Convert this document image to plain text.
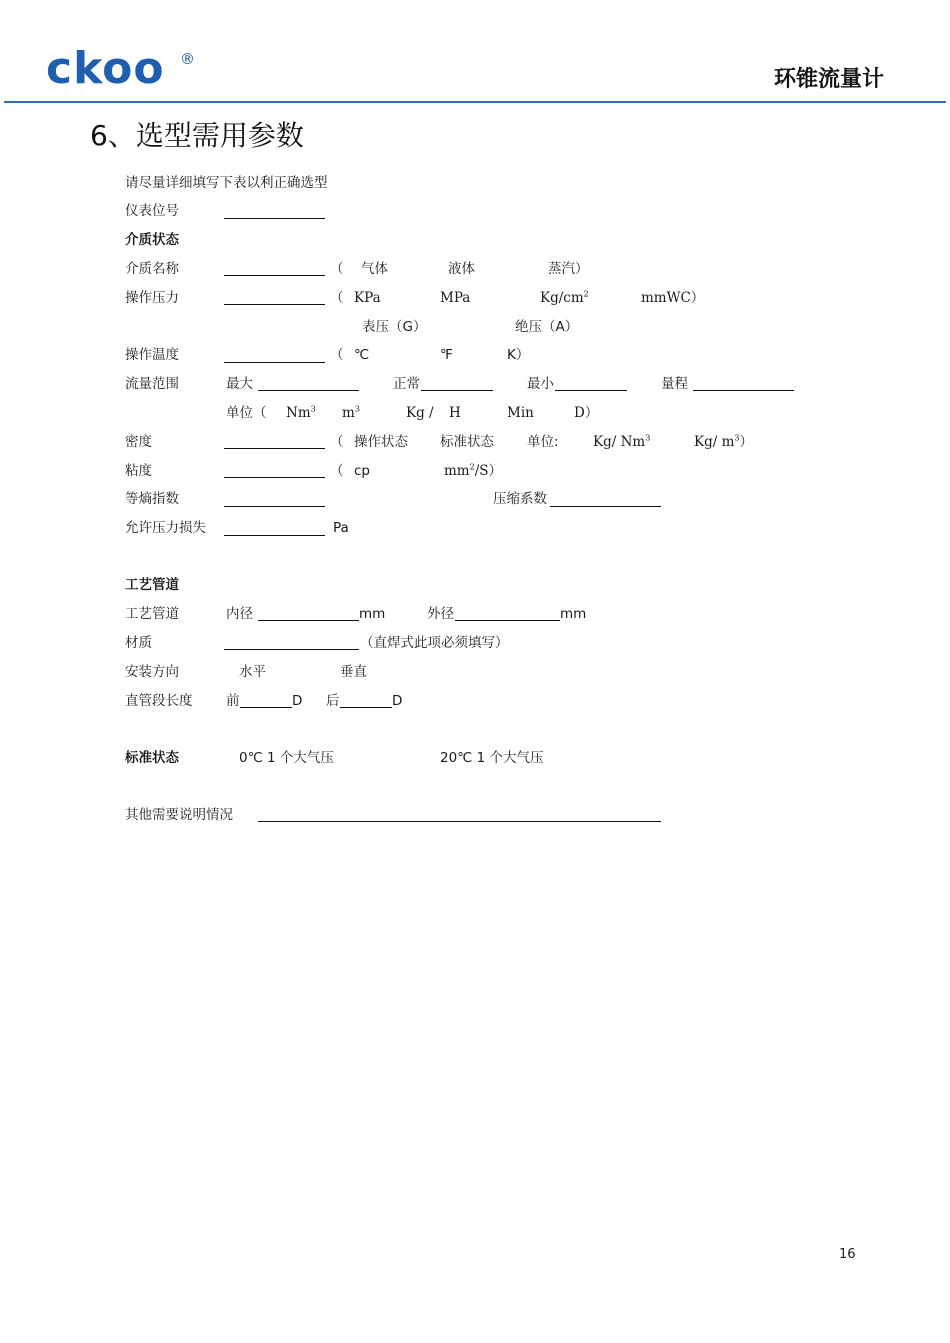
ckoo ®
环锥流量计
6、选型需用参数
请尽量详细填写下表以利正确选型
仪表位号
介质状态
介质名称	（ 气体	液体	蒸汽）
操作压力	（ KPa	MPa	$Kg/cm^2$	mmWC）
表压（G）	绝压（A）
操作温度	（ ℃	℉	K）
流量范围	最大	正常	最小	量程
单位（ Nm$^3$ $m^3$	Kg / H	Min	D）
密度	（ 操作状态 标准状态 单位:	Kg/ Nm$^3$	Kg/ $m^3$）
粘度	（ cp	$mm^2/S$）
等熵指数	压缩系数
允许压力损失	Pa
工艺管道
工艺管道	内径	mm	外径	mm
材质	（直焊式此项必须填写）
安装方向	水平	垂直
直管段长度 前	D 后	D
标准状态	0℃ 1 个大气压	20℃ 1 个大气压
其他需要说明情况
16
